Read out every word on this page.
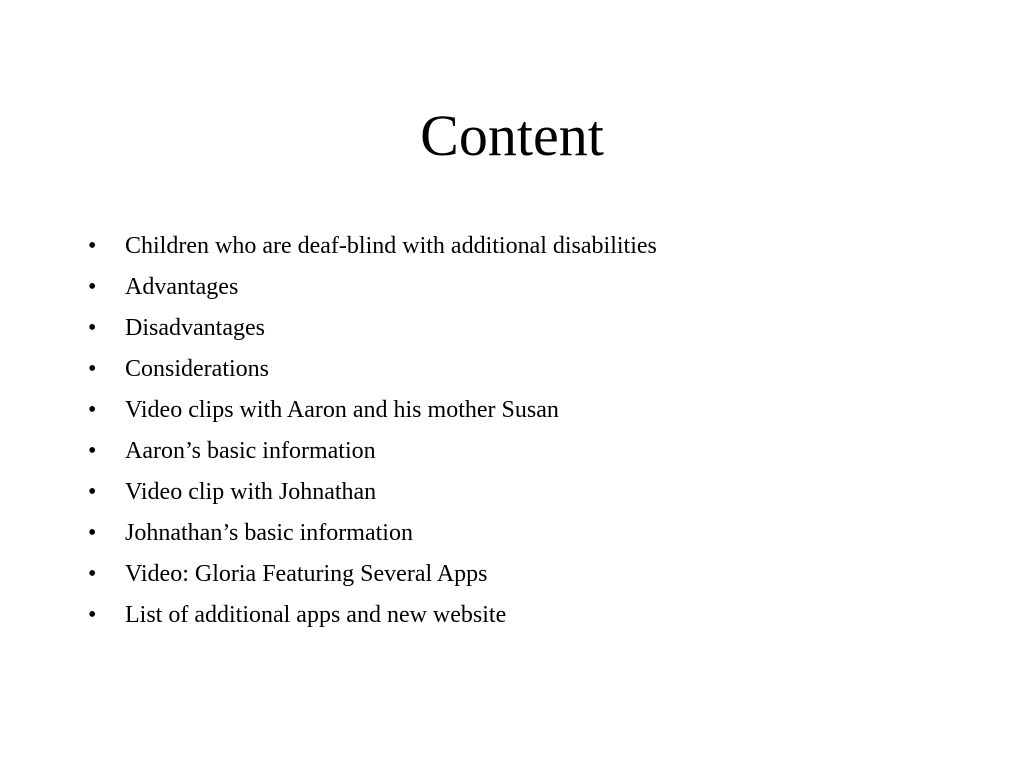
Content
•	Children who are deaf-blind with additional disabilities
•	Advantages
•	Disadvantages
•	Considerations
•	Video clips with Aaron and his mother Susan
•	Aaron’s basic information
•	Video clip with Johnathan
•	Johnathan’s basic information
•	Video: Gloria Featuring Several Apps
•	List of additional apps and new website
